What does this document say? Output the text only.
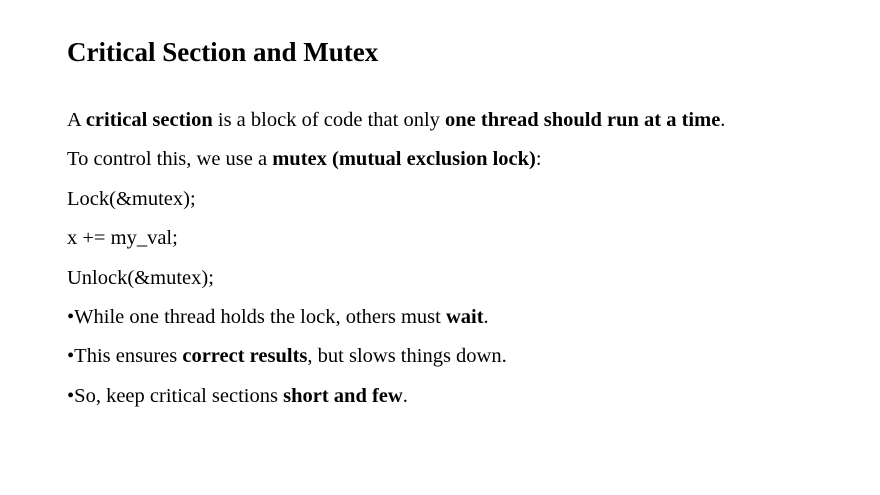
Critical Section and Mutex
A critical section is a block of code that only one thread should run at a time.
To control this, we use a mutex (mutual exclusion lock):
Lock(&mutex);
x += my_val;
Unlock(&mutex);
•While one thread holds the lock, others must wait.
•This ensures correct results, but slows things down.
•So, keep critical sections short and few.
